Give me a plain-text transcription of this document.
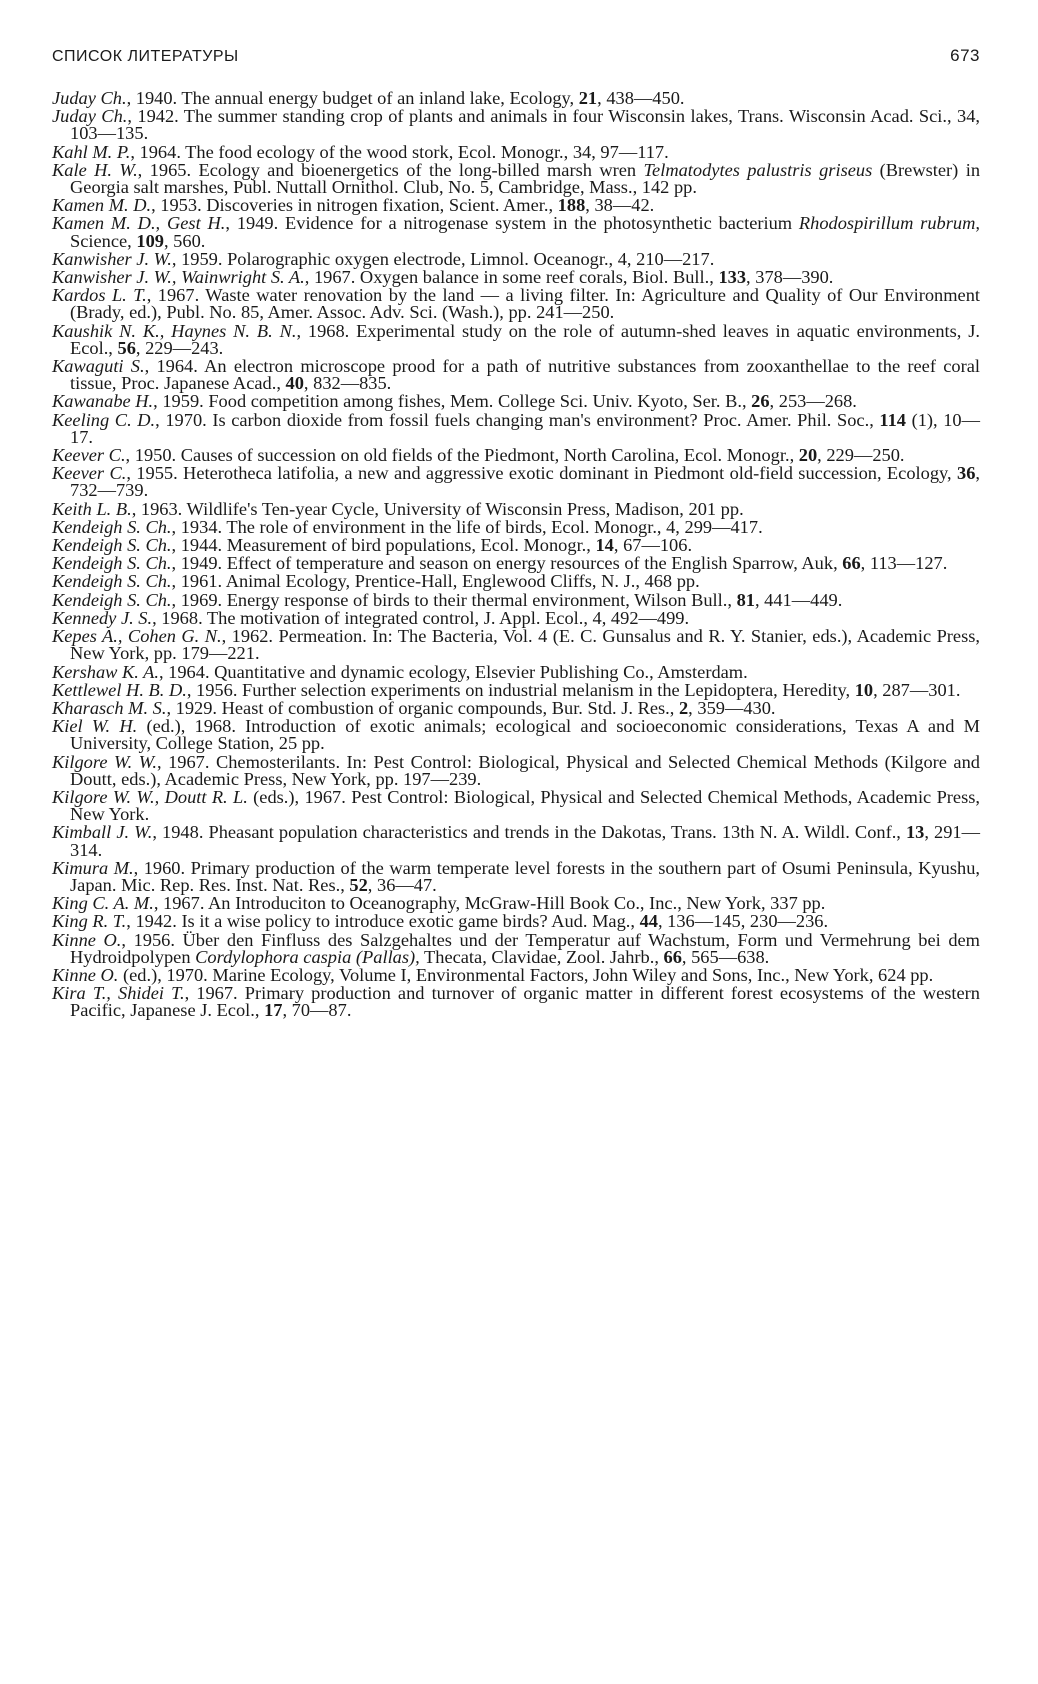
СПИСОК ЛИТЕРАТУРЫ	673

Juday Ch., 1940. The annual energy budget of an inland lake, Ecology, 21, 438—450.

Juday Ch., 1942. The summer standing crop of plants and animals in four Wisconsin lakes, Trans. Wisconsin Acad. Sci., 34, 103—135.

Kahl M. P., 1964. The food ecology of the wood stork, Ecol. Monogr., 34, 97—117.

Kale H. W., 1965. Ecology and bioenergetics of the long-billed marsh wren Telmatodytes palustris griseus (Brewster) in Georgia salt marshes, Publ. Nuttall Ornithol. Club, No. 5, Cambridge, Mass., 142 pp.

Kamen M. D., 1953. Discoveries in nitrogen fixation, Scient. Amer., 188, 38—42.

Kamen M. D., Gest H., 1949. Evidence for a nitrogenase system in the photosynthetic bacterium Rhodospirillum rubrum, Science, 109, 560.

Kanwisher J. W., 1959. Polarographic oxygen electrode, Limnol. Oceanogr., 4, 210—217.

Kanwisher J. W., Wainwright S. A., 1967. Oxygen balance in some reef corals, Biol. Bull., 133, 378—390.

Kardos L. T., 1967. Waste water renovation by the land — a living filter. In: Agriculture and Quality of Our Environment (Brady, ed.), Publ. No. 85, Amer. Assoc. Adv. Sci. (Wash.), pp. 241—250.

Kaushik N. K., Haynes N. B. N., 1968. Experimental study on the role of autumn-shed leaves in aquatic environments, J. Ecol., 56, 229—243.

Kawaguti S., 1964. An electron microscope prood for a path of nutritive substances from zooxanthellae to the reef coral tissue, Proc. Japanese Acad., 40, 832—835.

Kawanabe H., 1959. Food competition among fishes, Mem. College Sci. Univ. Kyoto, Ser. B., 26, 253—268.

Keeling C. D., 1970. Is carbon dioxide from fossil fuels changing man's environment? Proc. Amer. Phil. Soc., 114 (1), 10—17.

Keever C., 1950. Causes of succession on old fields of the Piedmont, North Carolina, Ecol. Monogr., 20, 229—250.

Keever C., 1955. Heterotheca latifolia, a new and aggressive exotic dominant in Piedmont old-field succession, Ecology, 36, 732—739.

Keith L. B., 1963. Wildlife's Ten-year Cycle, University of Wisconsin Press, Madison, 201 pp.

Kendeigh S. Ch., 1934. The role of environment in the life of birds, Ecol. Monogr., 4, 299—417.

Kendeigh S. Ch., 1944. Measurement of bird populations, Ecol. Monogr., 14, 67—106.

Kendeigh S. Ch., 1949. Effect of temperature and season on energy resources of the English Sparrow, Auk, 66, 113—127.

Kendeigh S. Ch., 1961. Animal Ecology, Prentice-Hall, Englewood Cliffs, N. J., 468 pp.

Kendeigh S. Ch., 1969. Energy response of birds to their thermal environment, Wilson Bull., 81, 441—449.

Kennedy J. S., 1968. The motivation of integrated control, J. Appl. Ecol., 4, 492—499.

Kepes A., Cohen G. N., 1962. Permeation. In: The Bacteria, Vol. 4 (E. C. Gunsalus and R. Y. Stanier, eds.), Academic Press, New York, pp. 179—221.

Kershaw K. A., 1964. Quantitative and dynamic ecology, Elsevier Publishing Co., Amsterdam.

Kettlewel H. B. D., 1956. Further selection experiments on industrial melanism in the Lepidoptera, Heredity, 10, 287—301.

Kharasch M. S., 1929. Heast of combustion of organic compounds, Bur. Std. J. Res., 2, 359—430.

Kiel W. H. (ed.), 1968. Introduction of exotic animals; ecological and socioeconomic considerations, Texas A and M University, College Station, 25 pp.

Kilgore W. W., 1967. Chemosterilants. In: Pest Control: Biological, Physical and Selected Chemical Methods (Kilgore and Doutt, eds.), Academic Press, New York, pp. 197—239.

Kilgore W. W., Doutt R. L. (eds.), 1967. Pest Control: Biological, Physical and Selected Chemical Methods, Academic Press, New York.

Kimball J. W., 1948. Pheasant population characteristics and trends in the Dakotas, Trans. 13th N. A. Wildl. Conf., 13, 291—314.

Kimura M., 1960. Primary production of the warm temperate level forests in the southern part of Osumi Peninsula, Kyushu, Japan. Mic. Rep. Res. Inst. Nat. Res., 52, 36—47.

King C. A. M., 1967. An Introduciton to Oceanography, McGraw-Hill Book Co., Inc., New York, 337 pp.

King R. T., 1942. Is it a wise policy to introduce exotic game birds? Aud. Mag., 44, 136—145, 230—236.

Kinne O., 1956. Über den Finfluss des Salzgehaltes und der Temperatur auf Wachstum, Form und Vermehrung bei dem Hydroidpolypen Cordylophora caspia (Pallas), Thecata, Clavidae, Zool. Jahrb., 66, 565—638.

Kinne O. (ed.), 1970. Marine Ecology, Volume I, Environmental Factors, John Wiley and Sons, Inc., New York, 624 pp.

Kira T., Shidei T., 1967. Primary production and turnover of organic matter in different forest ecosystems of the western Pacific, Japanese J. Ecol., 17, 70—87.
